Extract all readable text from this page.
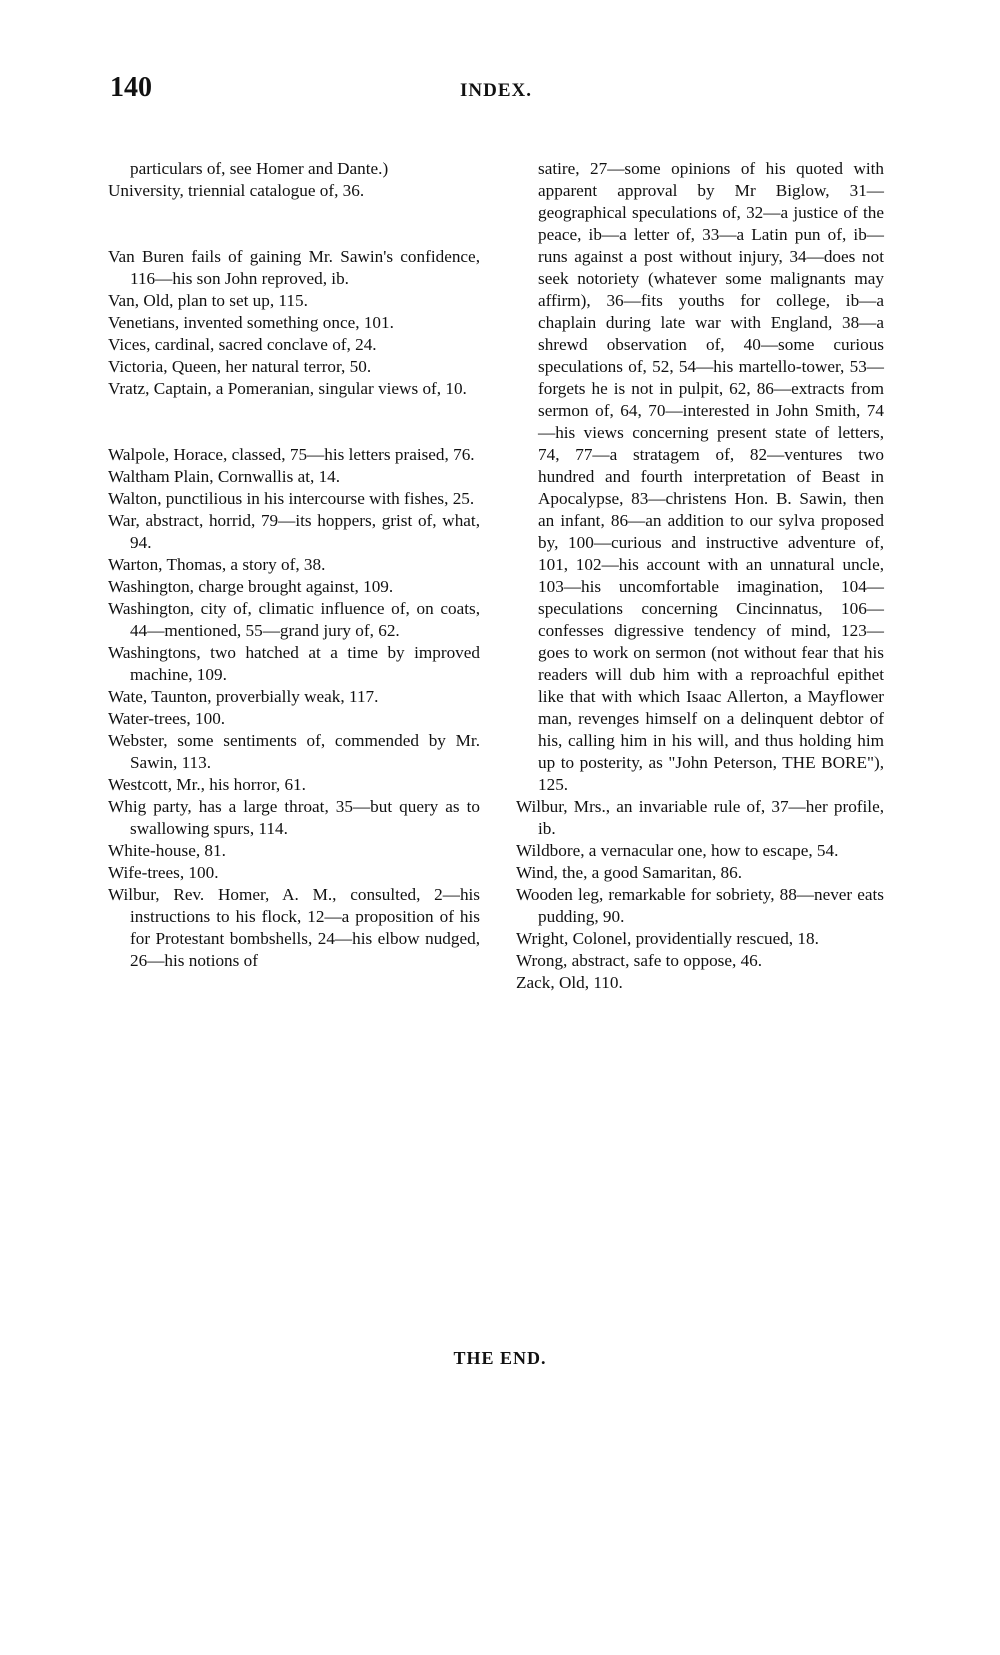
140	INDEX.

particulars of, see Homer and Dante.)

University, triennial catalogue of, 36.

Van Buren fails of gaining Mr. Sawin's confidence, 116—his son John reproved, ib.

Van, Old, plan to set up, 115.

Venetians, invented something once, 101.

Vices, cardinal, sacred conclave of, 24.

Victoria, Queen, her natural terror, 50.

Vratz, Captain, a Pomeranian, singular views of, 10.

Walpole, Horace, classed, 75—his letters praised, 76.

Waltham Plain, Cornwallis at, 14.

Walton, punctilious in his intercourse with fishes, 25.

War, abstract, horrid, 79—its hoppers, grist of, what, 94.

Warton, Thomas, a story of, 38.

Washington, charge brought against, 109.

Washington, city of, climatic influence of, on coats, 44—mentioned, 55—grand jury of, 62.

Washingtons, two hatched at a time by improved machine, 109.

Wate, Taunton, proverbially weak, 117.

Water-trees, 100.

Webster, some sentiments of, commended by Mr. Sawin, 113.

Westcott, Mr., his horror, 61.

Whig party, has a large throat, 35—but query as to swallowing spurs, 114.

White-house, 81.

Wife-trees, 100.

Wilbur, Rev. Homer, A. M., consulted, 2—his instructions to his flock, 12—a proposition of his for Protestant bombshells, 24—his elbow nudged, 26—his notions of

satire, 27—some opinions of his quoted with apparent approval by Mr Biglow, 31—geographical speculations of, 32—a justice of the peace, ib—a letter of, 33—a Latin pun of, ib—runs against a post without injury, 34—does not seek notoriety (whatever some malignants may affirm), 36—fits youths for college, ib—a chaplain during late war with England, 38—a shrewd observation of, 40—some curious speculations of, 52, 54—his martello-tower, 53—forgets he is not in pulpit, 62, 86—extracts from sermon of, 64, 70—interested in John Smith, 74—his views concerning present state of letters, 74, 77—a stratagem of, 82—ventures two hundred and fourth interpretation of Beast in Apocalypse, 83—christens Hon. B. Sawin, then an infant, 86—an addition to our sylva proposed by, 100—curious and instructive adventure of, 101, 102—his account with an unnatural uncle, 103—his uncomfortable imagination, 104—speculations concerning Cincinnatus, 106—confesses digressive tendency of mind, 123—goes to work on sermon (not without fear that his readers will dub him with a reproachful epithet like that with which Isaac Allerton, a Mayflower man, revenges himself on a delinquent debtor of his, calling him in his will, and thus holding him up to posterity, as "John Peterson, THE BORE"), 125.

Wilbur, Mrs., an invariable rule of, 37—her profile, ib.

Wildbore, a vernacular one, how to escape, 54.

Wind, the, a good Samaritan, 86.

Wooden leg, remarkable for sobriety, 88—never eats pudding, 90.

Wright, Colonel, providentially rescued, 18.

Wrong, abstract, safe to oppose, 46.

Zack, Old, 110.

THE END.
